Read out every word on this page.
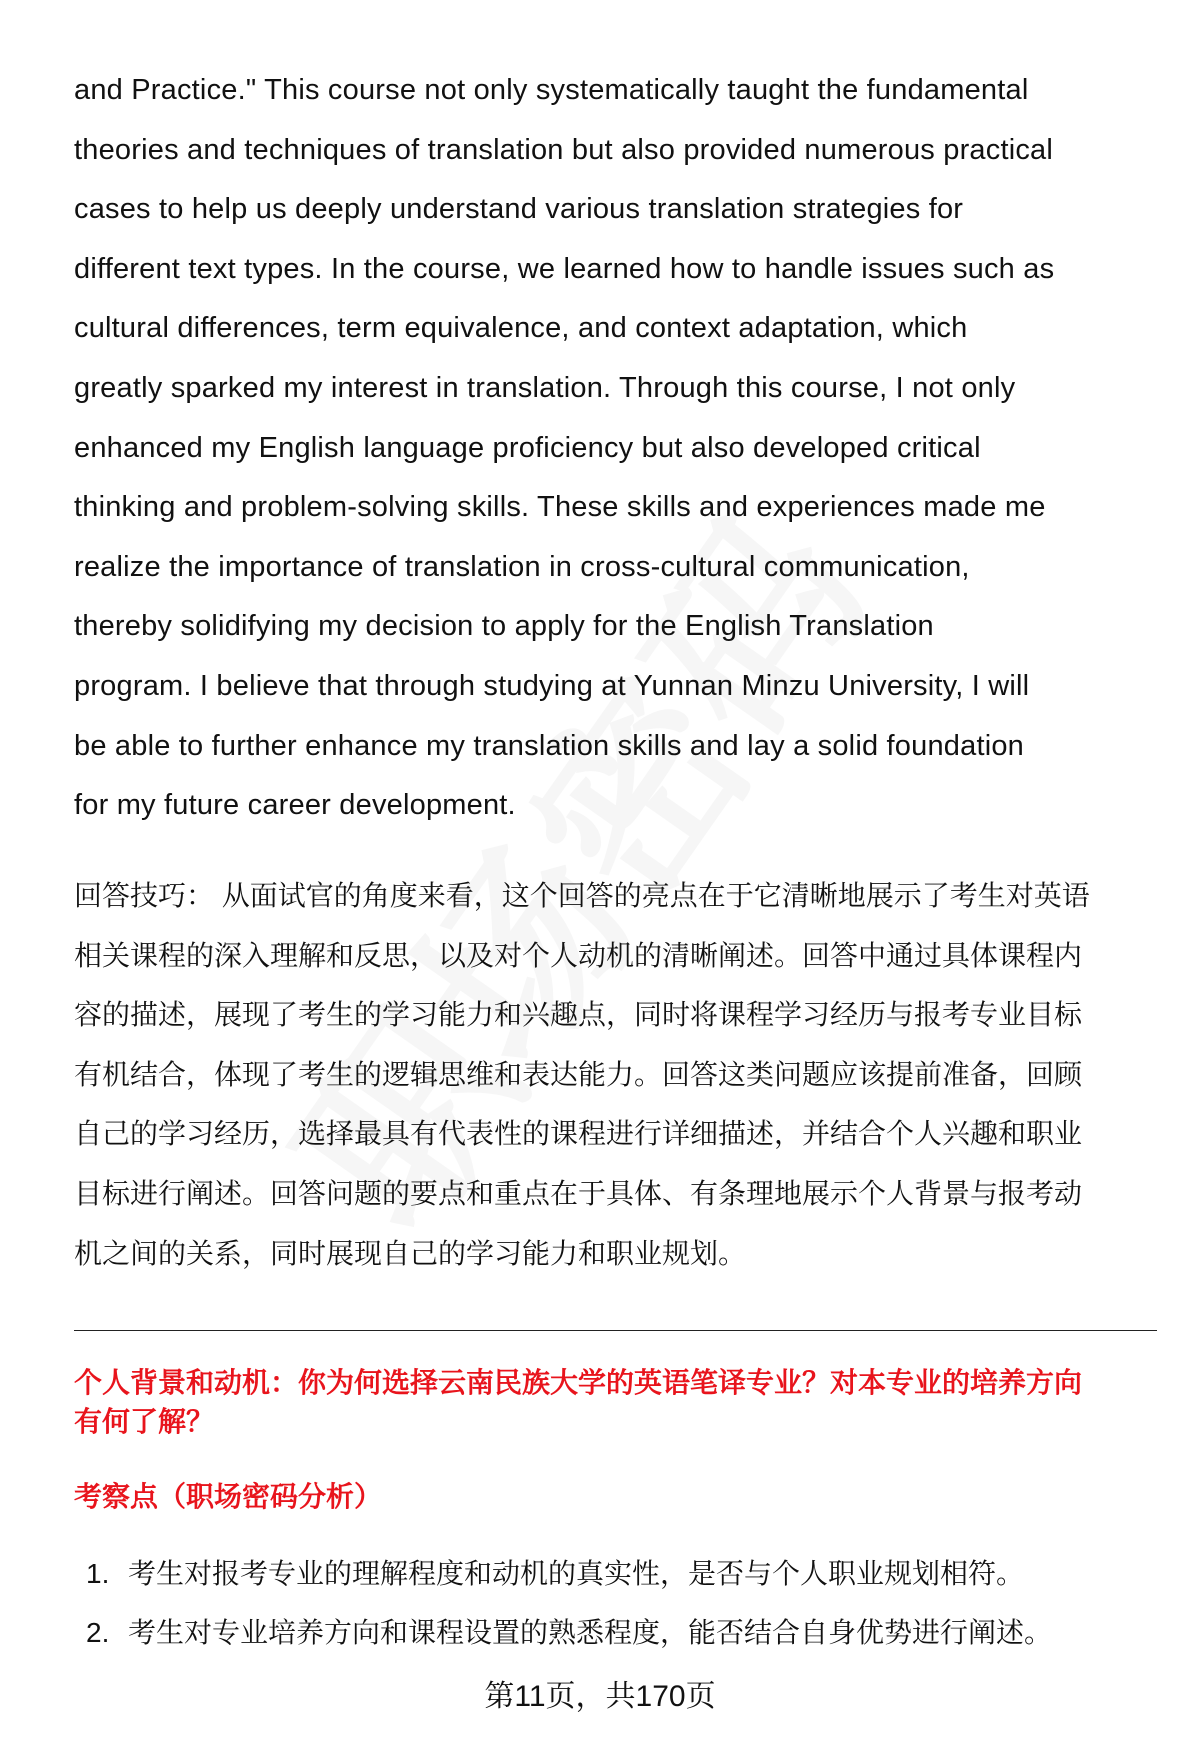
and Practice." This course not only systematically taught the fundamental
theories and techniques of translation but also provided numerous practical
cases to help us deeply understand various translation strategies for
different text types. In the course, we learned how to handle issues such as
cultural differences, term equivalence, and context adaptation, which
greatly sparked my interest in translation. Through this course, I not only
enhanced my English language proficiency but also developed critical
thinking and problem-solving skills. These skills and experiences made me
realize the importance of translation in cross-cultural communication,
thereby solidifying my decision to apply for the English Translation
program. I believe that through studying at Yunnan Minzu University, I will
be able to further enhance my translation skills and lay a solid foundation
for my future career development.
回答技巧： 从面试官的角度来看，这个回答的亮点在于它清晰地展示了考生对英语
相关课程的深入理解和反思，以及对个人动机的清晰阐述。回答中通过具体课程内
容的描述，展现了考生的学习能力和兴趣点，同时将课程学习经历与报考专业目标
有机结合，体现了考生的逻辑思维和表达能力。回答这类问题应该提前准备，回顾
自己的学习经历，选择最具有代表性的课程进行详细描述，并结合个人兴趣和职业
目标进行阐述。回答问题的要点和重点在于具体、有条理地展示个人背景与报考动
机之间的关系，同时展现自己的学习能力和职业规划。
个人背景和动机：你为何选择云南民族大学的英语笔译专业？对本专业的培养方向
有何了解？
考察点（职场密码分析）
1. 考生对报考专业的理解程度和动机的真实性，是否与个人职业规划相符。
2. 考生对专业培养方向和课程设置的熟悉程度，能否结合自身优势进行阐述。
第11页，共170页
